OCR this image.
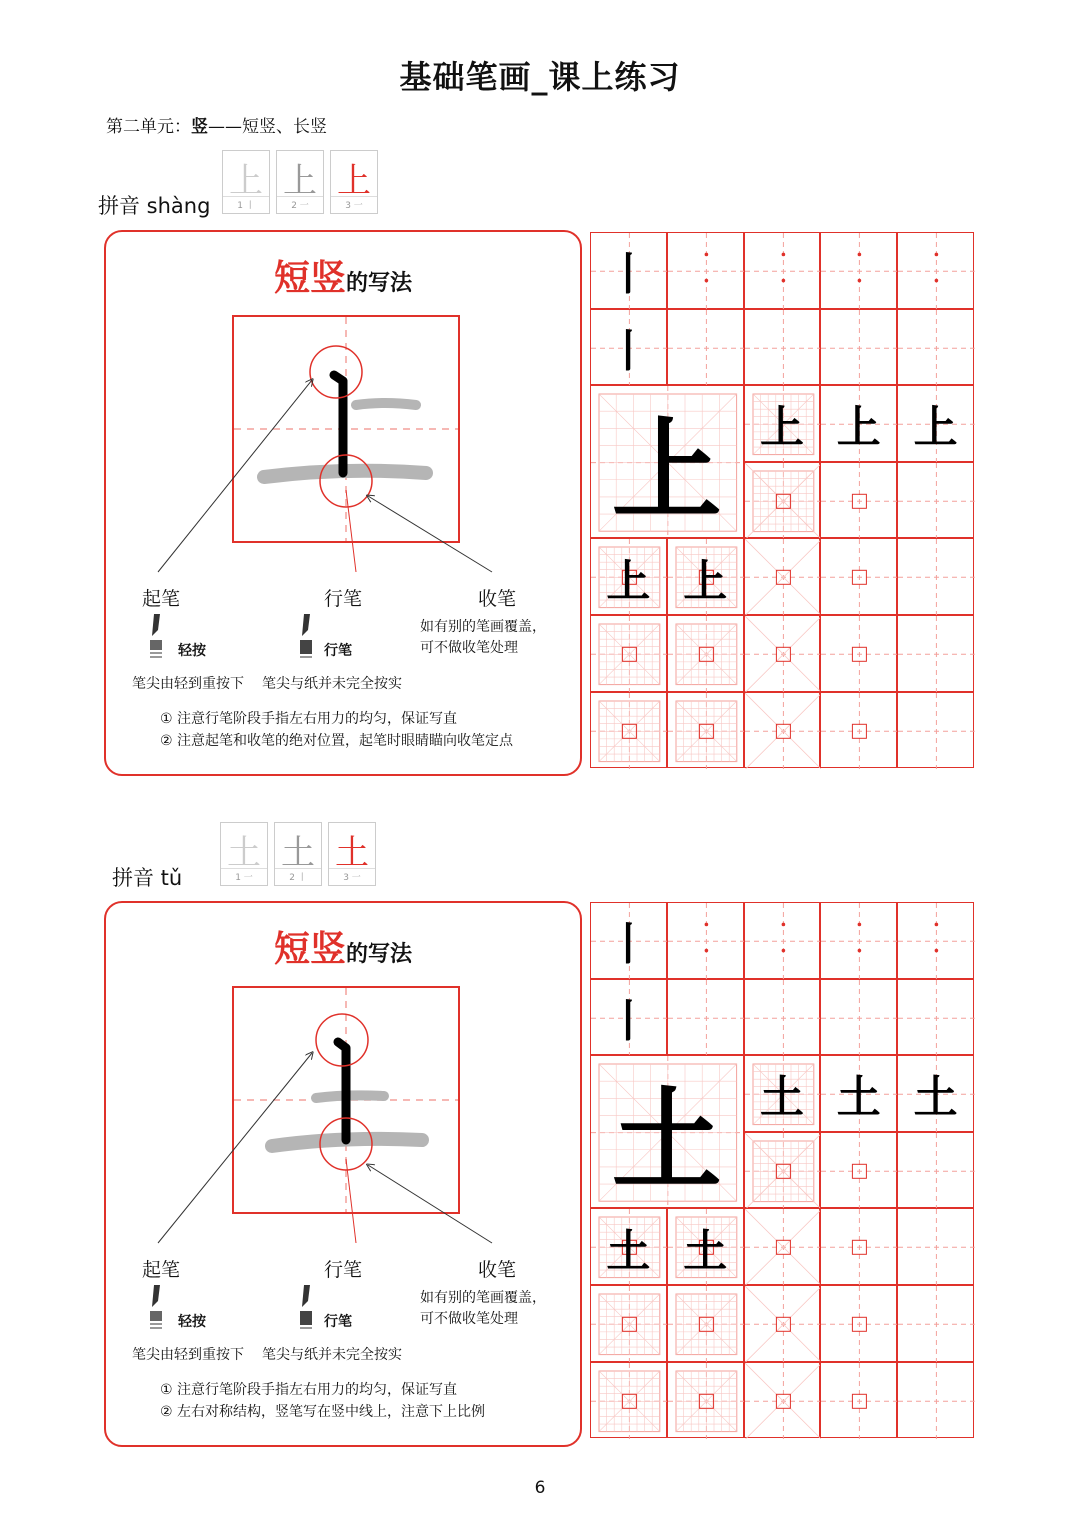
基础笔画_课上练习
第二单元：竖——短竖、长竖
拼音 shàng
上
1 丨
上
2 一
上
3 一
短竖的写法
起笔	行笔	收笔
轻按	行笔
如有别的笔画覆盖，
可不做收笔处理
笔尖由轻到重按下 笔尖与纸并未完全按实
① 注意行笔阶段手指左右用力的均匀，保证写直
② 注意起笔和收笔的绝对位置，起笔时眼睛瞄向收笔定点
丨
丨
上 上 上 上
上 上
拼音 tǔ
土
1 一
土
2 丨
土
3 一
短竖的写法
起笔	行笔	收笔
轻按	行笔
如有别的笔画覆盖，
可不做收笔处理
笔尖由轻到重按下 笔尖与纸并未完全按实
① 注意行笔阶段手指左右用力的均匀，保证写直
② 左右对称结构，竖笔写在竖中线上，注意下上比例
丨
丨
土 土 土 土
土 土
6
